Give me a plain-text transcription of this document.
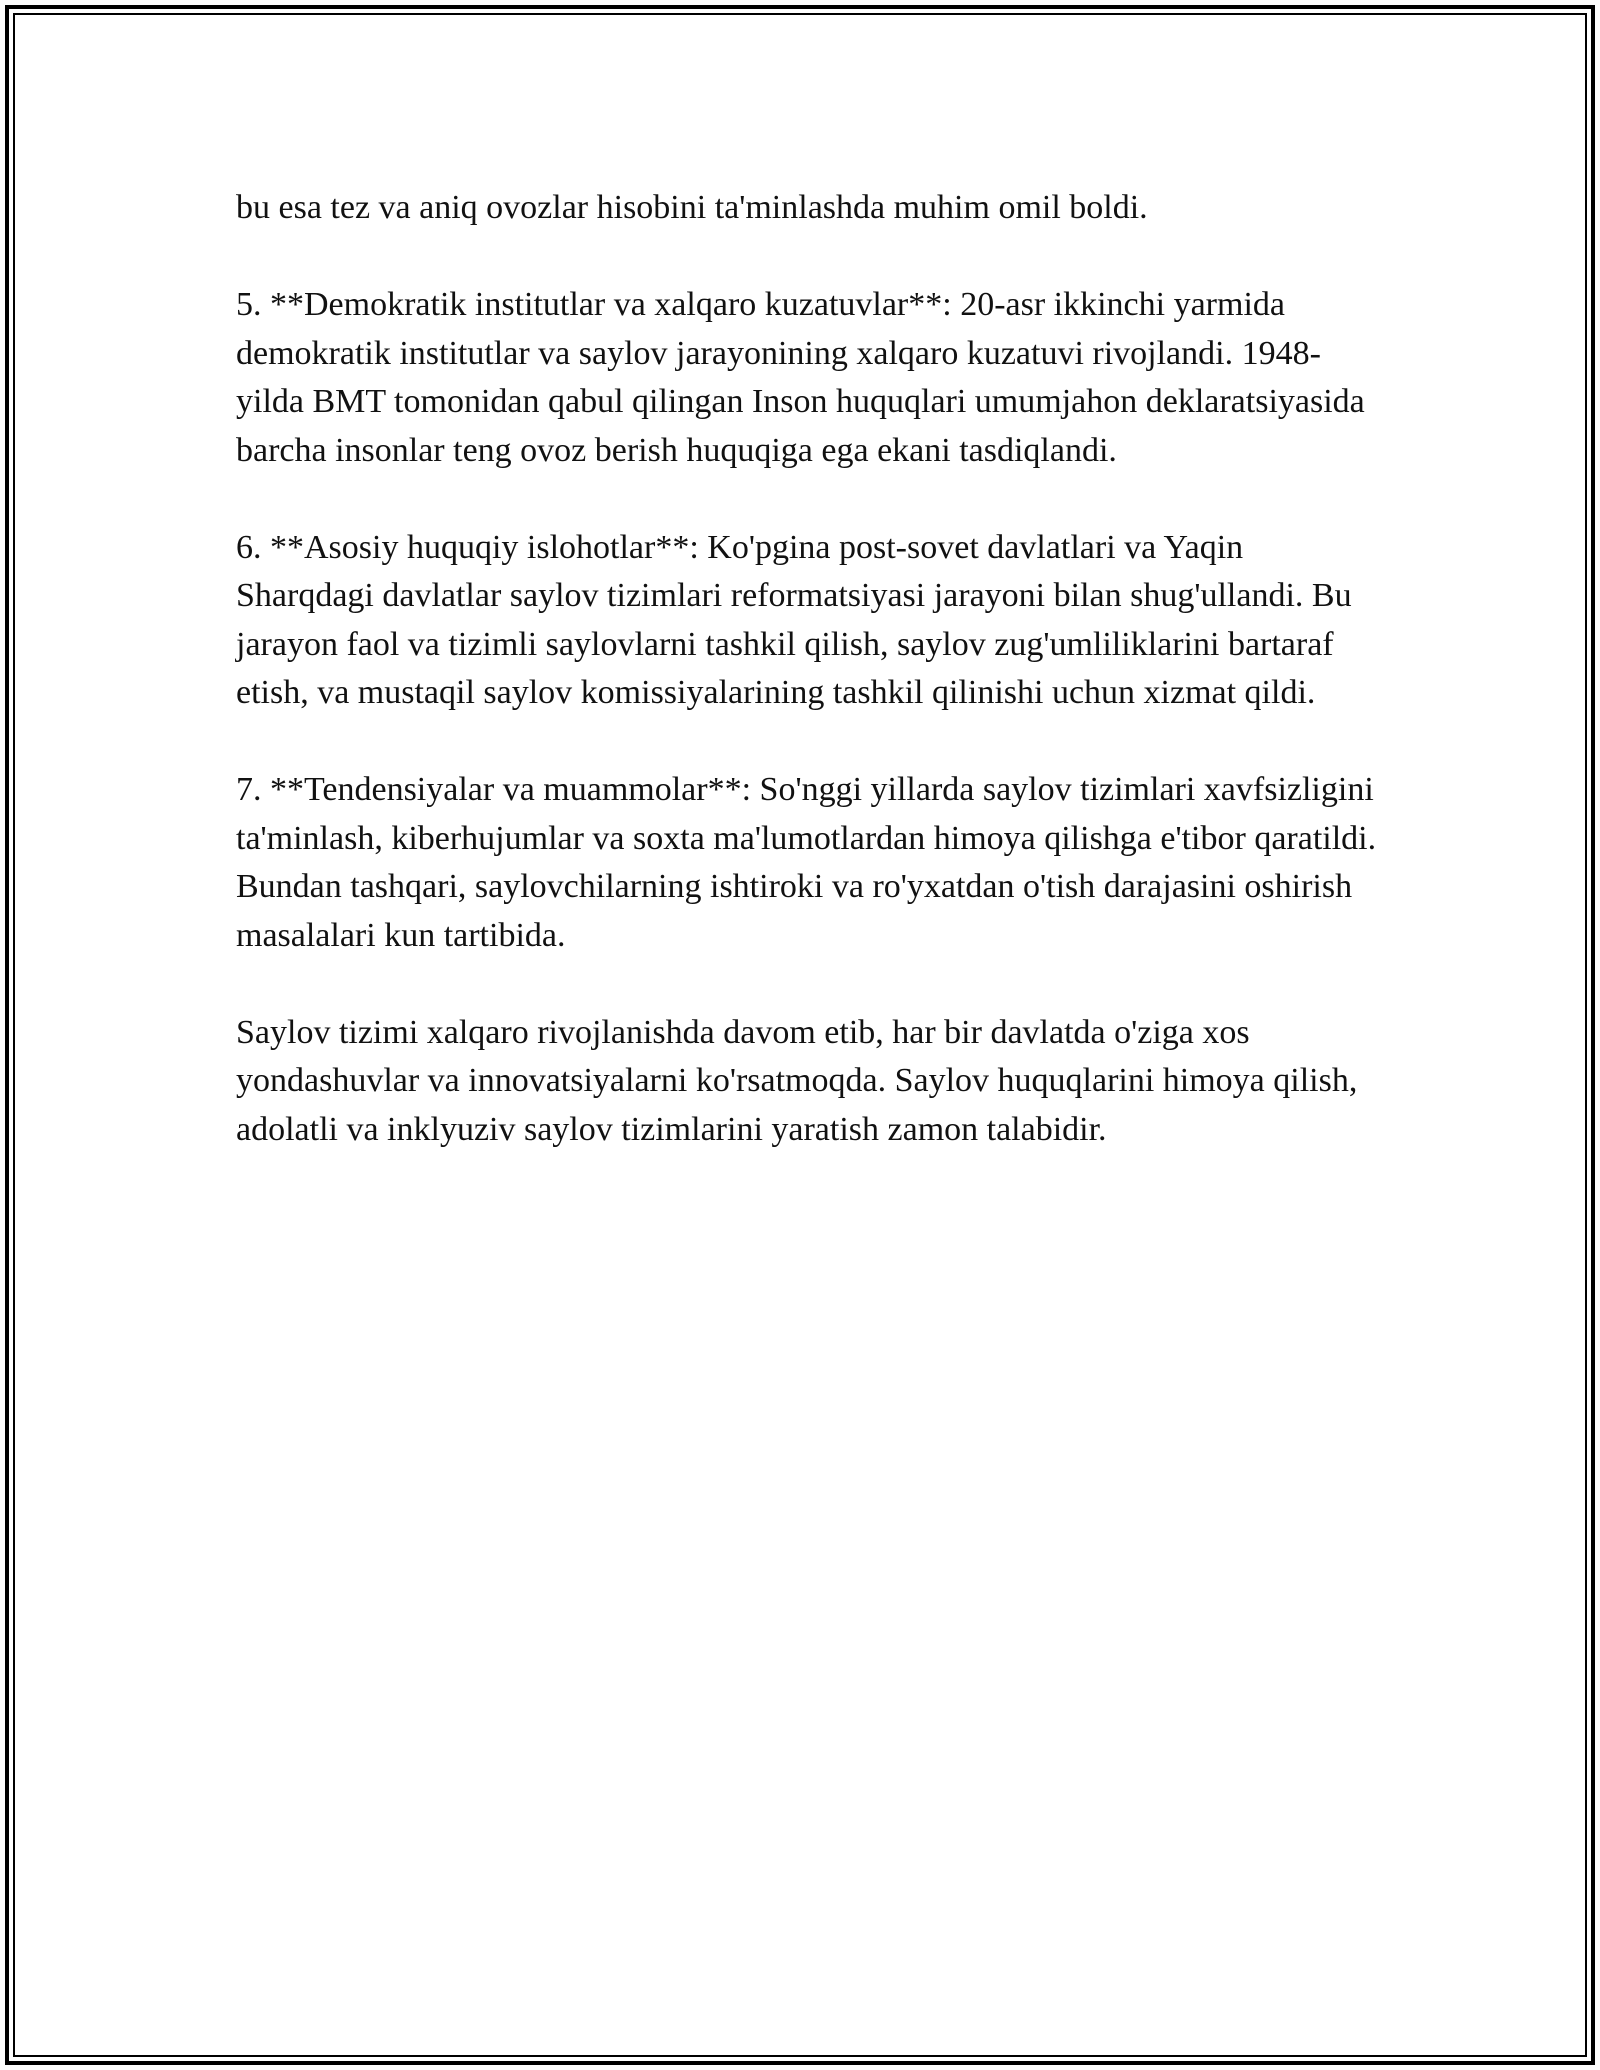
bu esa tez va aniq ovozlar hisobini ta'minlashda muhim omil boldi.

5. **Demokratik institutlar va xalqaro kuzatuvlar**: 20-asr ikkinchi yarmida demokratik institutlar va saylov jarayonining xalqaro kuzatuvi rivojlandi. 1948-yilda BMT tomonidan qabul qilingan Inson huquqlari umumjahon deklaratsiyasida barcha insonlar teng ovoz berish huquqiga ega ekani tasdiqlandi.

6. **Asosiy huquqiy islohotlar**: Ko'pgina post-sovet davlatlari va Yaqin Sharqdagi davlatlar saylov tizimlari reformatsiyasi jarayoni bilan shug'ullandi. Bu jarayon faol va tizimli saylovlarni tashkil qilish, saylov zug'umliliklarini bartaraf etish, va mustaqil saylov komissiyalarining tashkil qilinishi uchun xizmat qildi.

7. **Tendensiyalar va muammolar**: So'nggi yillarda saylov tizimlari xavfsizligini ta'minlash, kiberhujumlar va soxta ma'lumotlardan himoya qilishga e'tibor qaratildi. Bundan tashqari, saylovchilarning ishtiroki va ro'yxatdan o'tish darajasini oshirish masalalari kun tartibida.

Saylov tizimi xalqaro rivojlanishda davom etib, har bir davlatda o'ziga xos yondashuvlar va innovatsiyalarni ko'rsatmoqda. Saylov huquqlarini himoya qilish, adolatli va inklyuziv saylov tizimlarini yaratish zamon talabidir.
